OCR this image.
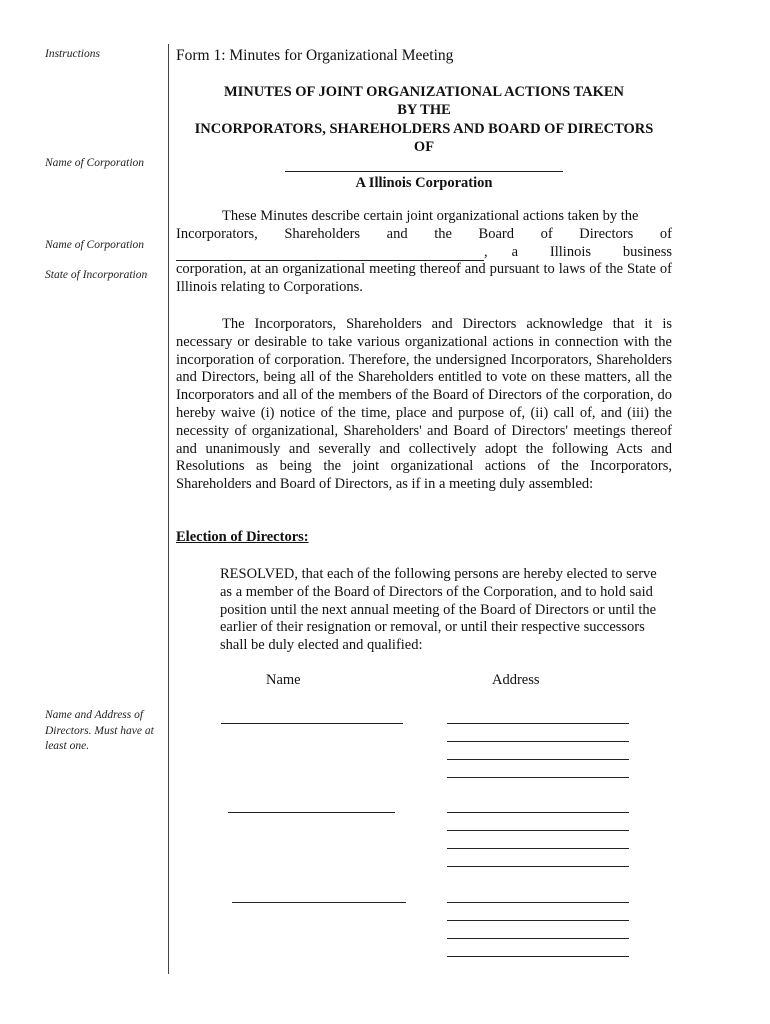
Instructions
Name of Corporation
Name of Corporation
State of Incorporation
Name and Address of Directors. Must have at least one.
Form 1: Minutes for Organizational Meeting
MINUTES OF JOINT ORGANIZATIONAL ACTIONS TAKEN
BY THE
INCORPORATORS, SHAREHOLDERS AND BOARD OF DIRECTORS
OF
A Illinois Corporation
These Minutes describe certain joint organizational actions taken by the
Incorporators, Shareholders and the Board of Directors of
, a Illinois business
corporation, at an organizational meeting thereof and pursuant to laws of the State of Illinois relating to Corporations.
The Incorporators, Shareholders and Directors acknowledge that it is necessary or desirable to take various organizational actions in connection with the incorporation of corporation. Therefore, the undersigned Incorporators, Shareholders and Directors, being all of the Shareholders entitled to vote on these matters, all the Incorporators and all of the members of the Board of Directors of the corporation, do hereby waive (i) notice of the time, place and purpose of, (ii) call of, and (iii) the necessity of organizational, Shareholders' and Board of Directors' meetings thereof and unanimously and severally and collectively adopt the following Acts and Resolutions as being the joint organizational actions of the Incorporators, Shareholders and Board of Directors, as if in a meeting duly assembled:
Election of Directors:
RESOLVED, that each of the following persons are hereby elected to serve as a member of the Board of Directors of the Corporation, and to hold said position until the next annual meeting of the Board of Directors or until the earlier of their resignation or removal, or until their respective successors shall be duly elected and qualified:
Name	Address
